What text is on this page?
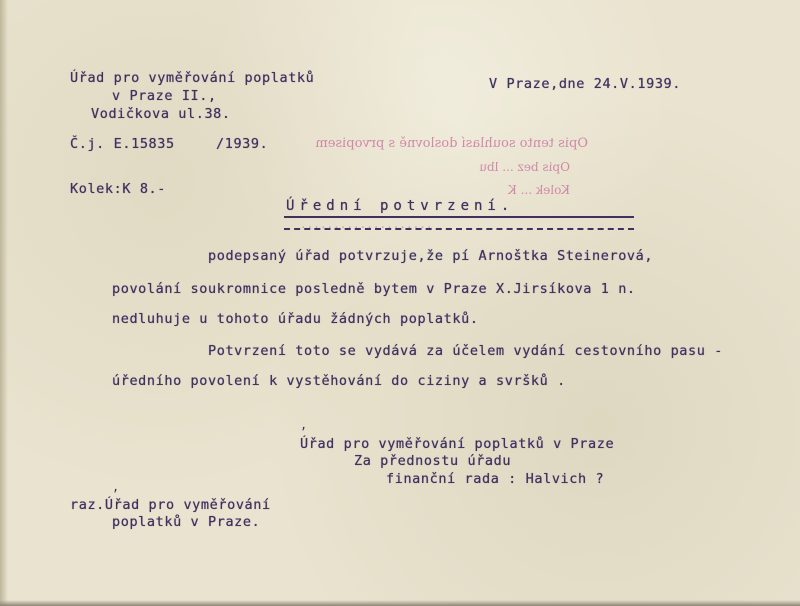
Úřad pro vyměřování poplatků
v Praze II.,
Vodičkova ul.38.
V Praze,dne 24.V.1939.
Č.j. E.15835	/1939.	Opis tento souhlasí doslovně s prvopisem
Opis bez ... lbu
Kolek ... K
....................
Kolek:K 8.-
Úřední potvrzení.
podepsaný úřad potvrzuje,že pí Arnoštka Steinerová,
povolání soukromnice posledně bytem v Praze X.Jirsíkova 1 n.
nedluhuje u tohoto úřadu žádných poplatků.
Potvrzení toto se vydává za účelem vydání cestovního pasu -
úředního povolení k vystěhování do ciziny a svršků .
,
Úřad pro vyměřování poplatků v Praze
Za přednostu úřadu
finanční rada : Halvich ?
,
raz.Úřad pro vyměřování
poplatků v Praze.
